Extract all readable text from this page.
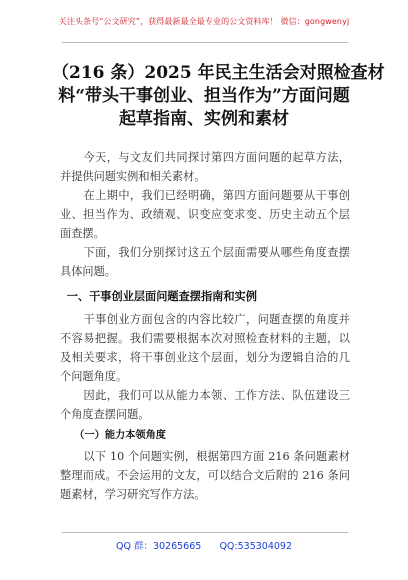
关注头条号“公文研究”，获得最新最全最专业的公文资料库！ 微信：gongwenyj
（216 条）2025 年民主生活会对照检查材
料“带头干事创业、担当作为”方面问题
起草指南、实例和素材

今天，与文友们共同探讨第四方面问题的起草方法，并提供问题实例和相关素材。

在上期中，我们已经明确，第四方面问题要从干事创业、担当作为、政绩观、识变应变求变、历史主动五个层面查摆。

下面，我们分别探讨这五个层面需要从哪些角度查摆具体问题。

一、干事创业层面问题查摆指南和实例

干事创业方面包含的内容比较广，问题查摆的角度并不容易把握。我们需要根据本次对照检查材料的主题，以及相关要求，将干事创业这个层面，划分为逻辑自洽的几个问题角度。

因此，我们可以从能力本领、工作方法、队伍建设三个角度查摆问题。

（一）能力本领角度

以下 10 个问题实例，根据第四方面 216 条问题素材整理而成。不会运用的文友，可以结合文后附的 216 条问题素材，学习研究写作方法。

QQ 群：30265665 QQ:535304092
